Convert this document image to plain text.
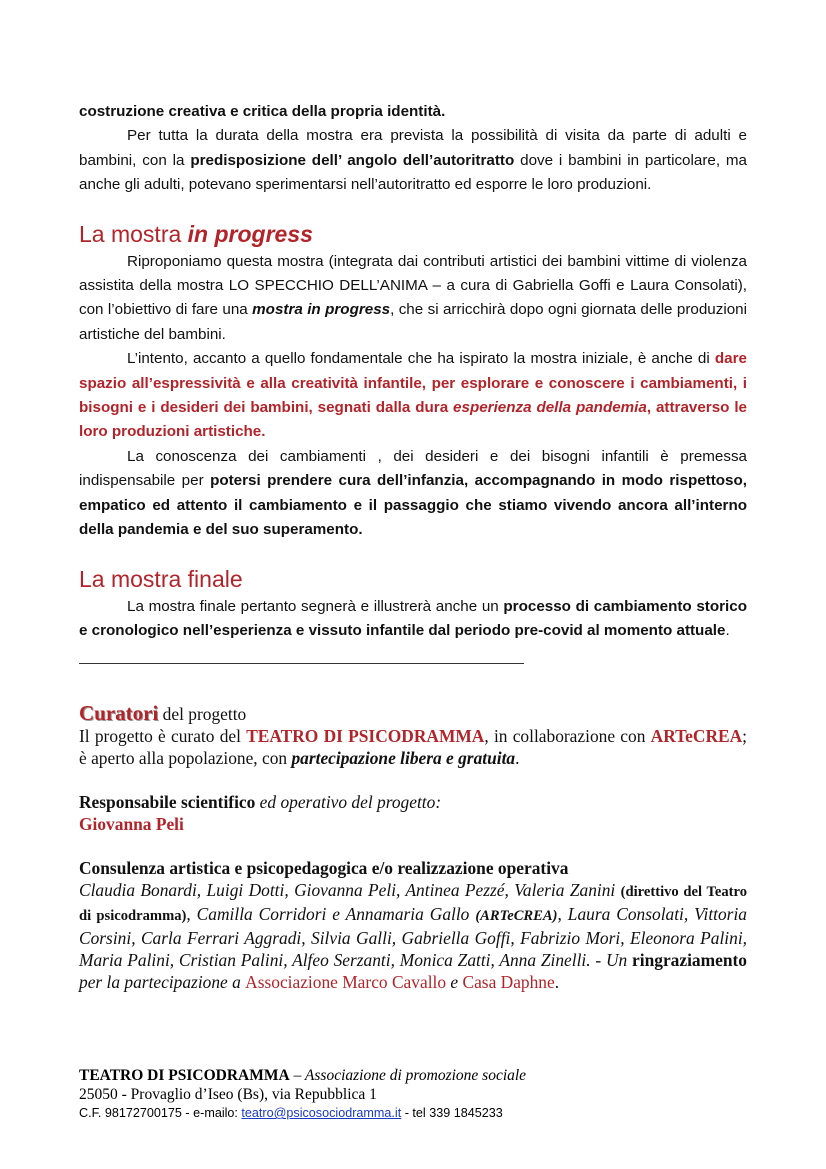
costruzione creativa e critica della propria identità.

Per tutta la durata della mostra era prevista la possibilità di visita da parte di adulti e bambini, con la predisposizione dell’ angolo dell’autoritratto dove i bambini in particolare, ma anche gli adulti, potevano sperimentarsi nell’autoritratto ed esporre le loro produzioni.

La mostra in progress

Riproponiamo questa mostra (integrata dai contributi artistici dei bambini vittime di violenza assistita della mostra LO SPECCHIO DELL’ANIMA – a cura di Gabriella Goffi e Laura Consolati), con l’obiettivo di fare una mostra in progress, che si arricchirà dopo ogni giornata delle produzioni artistiche del bambini.

L’intento, accanto a quello fondamentale che ha ispirato la mostra iniziale, è anche di dare spazio all’espressività e alla creatività infantile, per esplorare e conoscere i cambiamenti, i bisogni e i desideri dei bambini, segnati dalla dura esperienza della pandemia, attraverso le loro produzioni artistiche.

La conoscenza dei cambiamenti , dei desideri e dei bisogni infantili è premessa indispensabile per potersi prendere cura dell’infanzia, accompagnando in modo rispettoso, empatico ed attento il cambiamento e il passaggio che stiamo vivendo ancora all’interno della pandemia e del suo superamento.

La mostra finale

La mostra finale pertanto segnerà e illustrerà anche un processo di cambiamento storico e cronologico nell’esperienza e vissuto infantile dal periodo pre-covid al momento attuale.

Curatori del progetto

Il progetto è curato del TEATRO DI PSICODRAMMA, in collaborazione con ARTeCREA; è aperto alla popolazione, con partecipazione libera e gratuita.

Responsabile scientifico ed operativo del progetto:

Giovanna Peli

Consulenza artistica e psicopedagogica e/o realizzazione operativa

Claudia Bonardi, Luigi Dotti, Giovanna Peli, Antinea Pezzé, Valeria Zanini (direttivo del Teatro di psicodramma), Camilla Corridori e Annamaria Gallo (ARTeCREA), Laura Consolati, Vittoria Corsini, Carla Ferrari Aggradi, Silvia Galli, Gabriella Goffi, Fabrizio Mori, Eleonora Palini, Maria Palini, Cristian Palini, Alfeo Serzanti, Monica Zatti, Anna Zinelli. - Un ringraziamento per la partecipazione a Associazione Marco Cavallo e Casa Daphne.

TEATRO DI PSICODRAMMA – Associazione di promozione sociale
25050 - Provaglio d’Iseo (Bs), via Repubblica 1
C.F. 98172700175 - e-mailo: teatro@psicosociodramma.it - tel 339 1845233
